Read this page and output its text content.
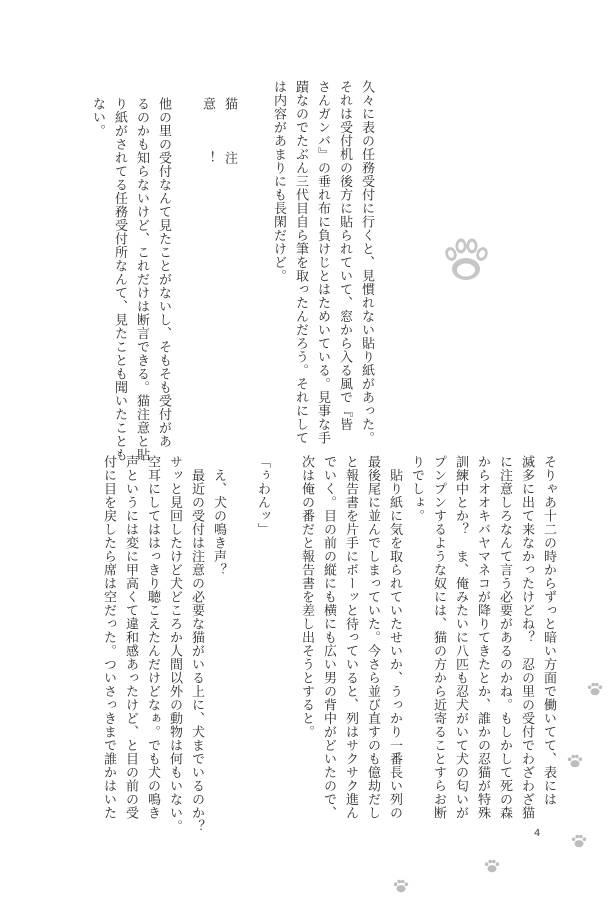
久々に表の任務受付に行くと、見慣れない貼り紙があった。
それは受付机の後方に貼られていて、窓から入る風で『皆
さんガンバ』の垂れ布に負けじとはためいている。見事な手
蹟なのでたぶん三代目自ら筆を取ったんだろう。それにして
は内容があまりにも長閑だけど。
猫　注
意　！
他の里の受付なんて見たことがないし、そもそも受付があ
るのかも知らないけど、これだけは断言できる。猫注意と貼
り紙がされてる任務受付所なんて、見たことも聞いたことも
ない。
そりゃあ十二の時からずっと暗い方面で働いてて、表には
滅多に出て来なかったけどね？　忍の里の受付でわざわざ猫
に注意しろなんて言う必要があるのかね。もしかして死の森
からオオキバヤマネコが降りてきたとか、誰かの忍猫が特殊
訓練中とか？　ま、俺みたいに八匹も忍犬がいて犬の匂いが
プンプンするような奴には、猫の方から近寄ることすらお断
りでしょ。
　貼り紙に気を取られていたせいか、うっかり一番長い列の
最後尾に並んでしまっていた。今さら並び直すのも億劫だし
と報告書を片手にボーッと待っていると、列はサクサク進ん
でいく。目の前の縦にも横にも広い男の背中がどいたので、
次は俺の番だと報告書を差し出そうとすると。
「ぅわんッ」
　え、犬の鳴き声？
　最近の受付は注意の必要な猫がいる上に、犬までいるのか？
サッと見回したけど犬どころか人間以外の動物は何もいない。
空耳にしてははっきり聴こえたんだけどなぁ。でも犬の鳴き
声というには変に甲高くて違和感あったけど、と目の前の受
付に目を戻したら席は空だった。ついさっきまで誰かはいた
4
